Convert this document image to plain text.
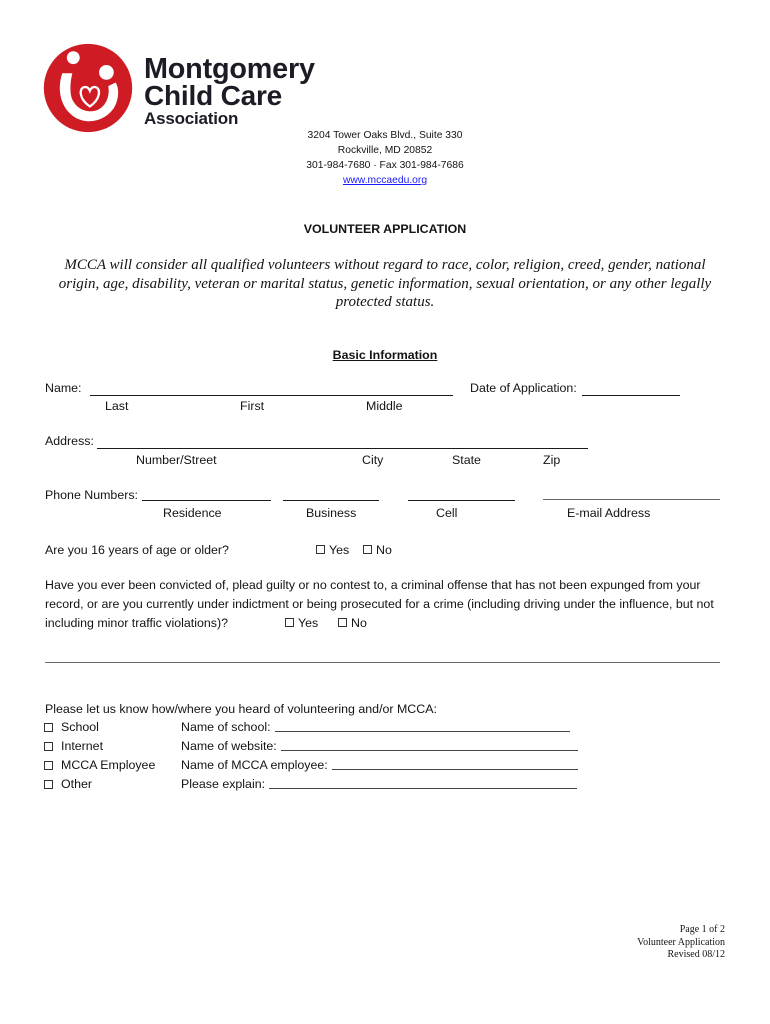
Montgomery
Child Care
Association
3204 Tower Oaks Blvd., Suite 330
Rockville, MD 20852
301-984-7680 · Fax 301-984-7686
www.mccaedu.org
VOLUNTEER APPLICATION
MCCA will consider all qualified volunteers without regard to race, color, religion, creed, gender, national
origin, age, disability, veteran or marital status, genetic information, sexual orientation, or any other legally
protected status.
Basic Information
Name:	Date of Application:
Last	First	Middle
Address:
Number/Street	City	State	Zip
Phone Numbers:
Residence	Business	Cell	E-mail Address
Are you 16 years of age or older?	Yes No
Have you ever been convicted of, plead guilty or no contest to, a criminal offense that has not been expunged from your
record, or are you currently under indictment or being prosecuted for a crime (including driving under the influence, but not
including minor traffic violations)?	Yes	No
Please let us know how/where you heard of volunteering and/or MCCA:
School	Name of school:
Internet	Name of website:
MCCA Employee Name of MCCA employee:
Other	Please explain:
Page 1 of 2
Volunteer Application
Revised 08/12
